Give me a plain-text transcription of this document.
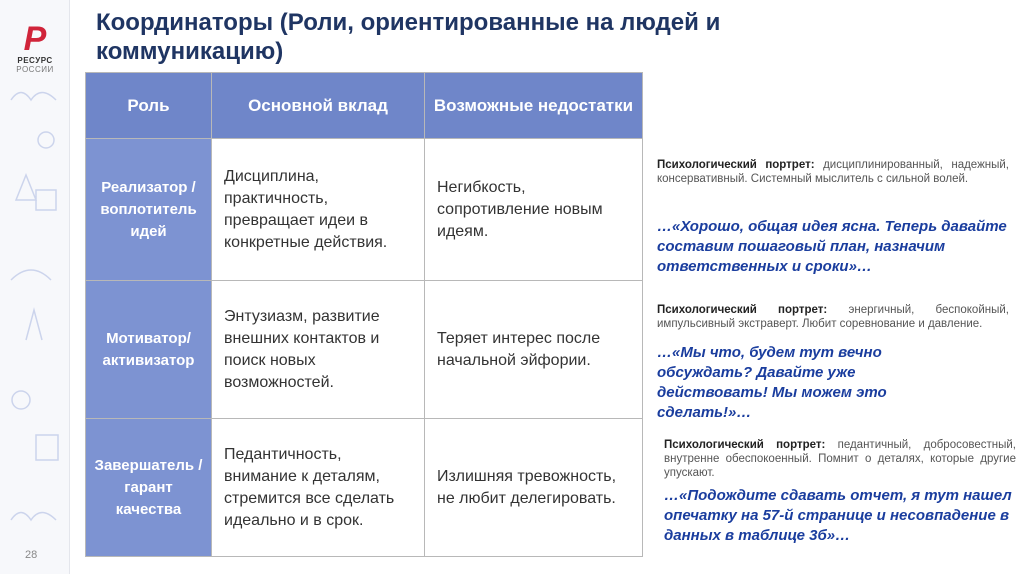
Р
РЕСУРС
РОССИИ
28
Координаторы (Роли, ориентированные на людей и коммуникацию)
Роль	Основной вклад	Возможные недостатки
Реализатор / воплотитель идей	Дисциплина, практичность, превращает идеи в конкретные действия.	Негибкость, сопротивление новым идеям.
Мотиватор/ активизатор	Энтузиазм, развитие внешних контактов и поиск новых возможностей.	Теряет интерес после начальной эйфории.
Завершатель /гарант качества	Педантичность, внимание к деталям, стремится все сделать идеально и в срок.	Излишняя тревожность, не любит делегировать.
Психологический портрет: дисциплинированный, надежный, консервативный. Системный мыслитель с сильной волей.
…«Хорошо, общая идея ясна. Теперь давайте составим пошаговый план, назначим ответственных и сроки»…
Психологический портрет: энергичный, беспокойный, импульсивный экстраверт. Любит соревнование и давление.
…«Мы что, будем тут вечно обсуждать? Давайте уже действовать! Мы можем это сделать!»…
Психологический портрет: педантичный, добросовестный, внутренне обеспокоенный. Помнит о деталях, которые другие упускают.
…«Подождите сдавать отчет, я тут нашел опечатку на 57-й странице и несовпадение в данных в таблице 3б»…
